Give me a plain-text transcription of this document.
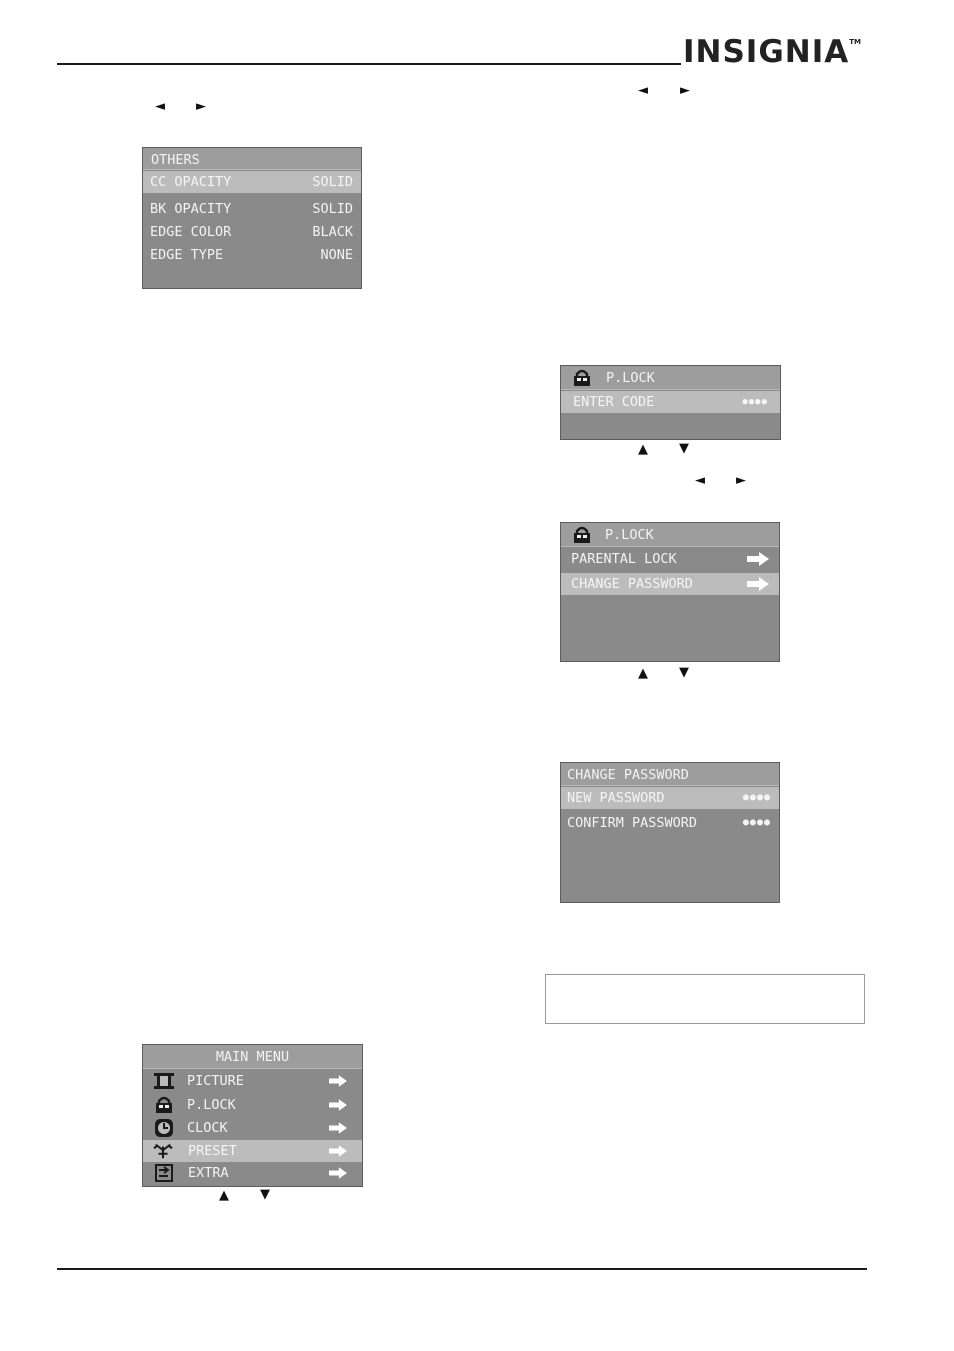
INSIGNIA™
◄ ►
◄ ►
▲ ▼
◄ ►
▲ ▼
▲ ▼
OTHERS
CC OPACITY	SOLID
BK OPACITY	SOLID
EDGE COLOR	BLACK
EDGE TYPE	NONE
P.LOCK
ENTER CODE	●●●●
P.LOCK
PARENTAL LOCK
CHANGE PASSWORD
CHANGE PASSWORD
NEW PASSWORD	●●●●
CONFIRM PASSWORD	●●●●
MAIN MENU
PICTURE
P.LOCK
CLOCK
PRESET
EXTRA
